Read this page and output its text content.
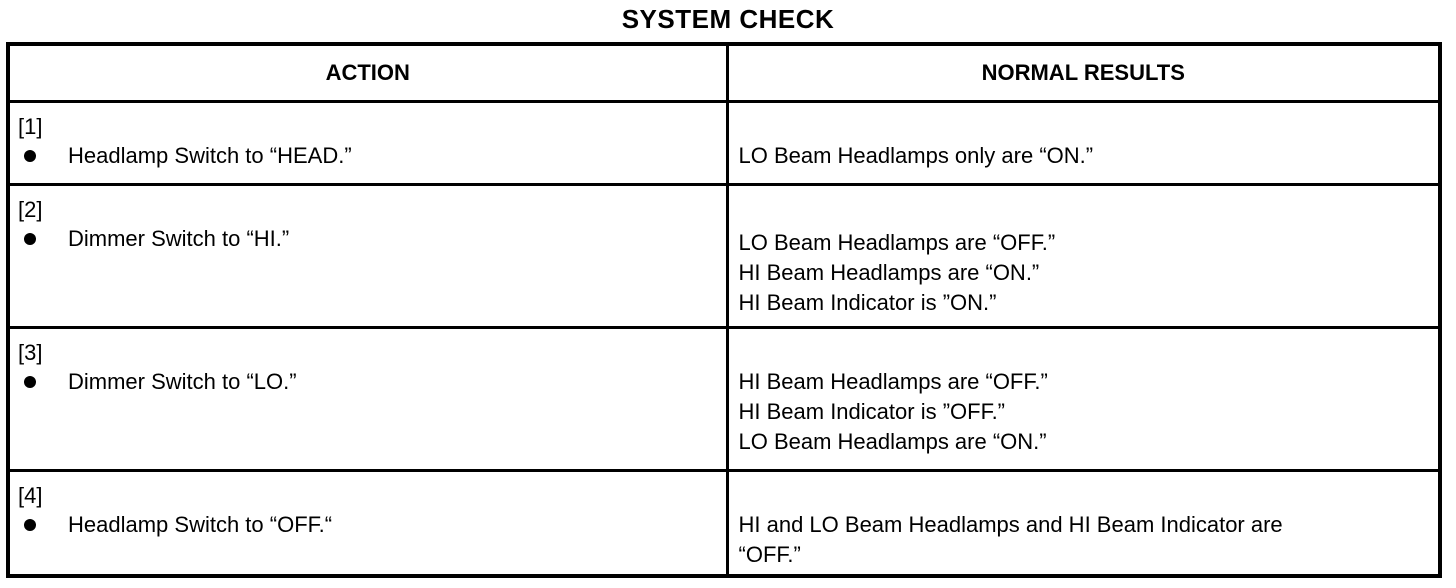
SYSTEM CHECK
ACTION	NORMAL RESULTS

[1]
Headlamp Switch to “HEAD.”	LO Beam Headlamps only are “ON.”

[2]
Dimmer Switch to “HI.”	LO Beam Headlamps are “OFF.”
HI Beam Headlamps are “ON.”
HI Beam Indicator is ”ON.”

[3]
Dimmer Switch to “LO.”	HI Beam Headlamps are “OFF.”
HI Beam Indicator is ”OFF.”
LO Beam Headlamps are “ON.”

[4]
Headlamp Switch to “OFF.“	HI and LO Beam Headlamps and HI Beam Indicator are
“OFF.”
